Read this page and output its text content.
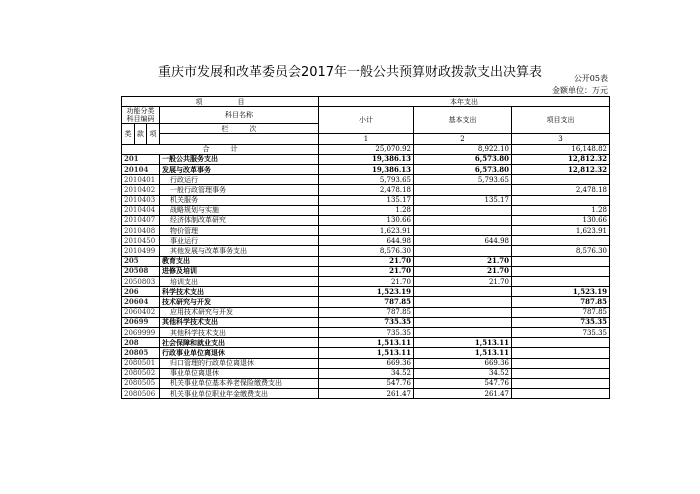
重庆市发展和改革委员会2017年一般公共预算财政拨款支出决算表	公开05表
金额单位：万元
项　　　　　目				本年支出		

功能分类
科目编码			科目名称	小计	基本支出	项目支出
类	款	项				
			栏　　　次			
				1	2	3
合　　　计				25,070.92	8,922.10	16,148.82
201			一般公共服务支出	19,386.13	6,573.80	12,812.32
20104			发展与改革事务	19,386.13	6,573.80	12,812.32
2010401			行政运行	5,793.65	5,793.65	
2010402			一般行政管理事务	2,478.18		2,478.18
2010403			机关服务	135.17	135.17	
2010404			战略规划与实施	1.28		1.28
2010407			经济体制改革研究	130.66		130.66
2010408			物价管理	1,623.91		1,623.91
2010450			事业运行	644.98	644.98	
2010499			其他发展与改革事务支出	8,576.30		8,576.30
205			教育支出	21.70	21.70	
20508			进修及培训	21.70	21.70	
2050803			培训支出	21.70	21.70	
206			科学技术支出	1,523.19		1,523.19
20604			技术研究与开发	787.85		787.85
2060402			应用技术研究与开发	787.85		787.85
20699			其他科学技术支出	735.35		735.35
2069999			其他科学技术支出	735.35		735.35
208			社会保障和就业支出	1,513.11	1,513.11	
20805			行政事业单位离退休	1,513.11	1,513.11	
2080501			归口管理的行政单位离退休	669.36	669.36	
2080502			事业单位离退休	34.52	34.52	
2080505			机关事业单位基本养老保险缴费支出	547.76	547.76	
2080506			机关事业单位职业年金缴费支出	261.47	261.47	
